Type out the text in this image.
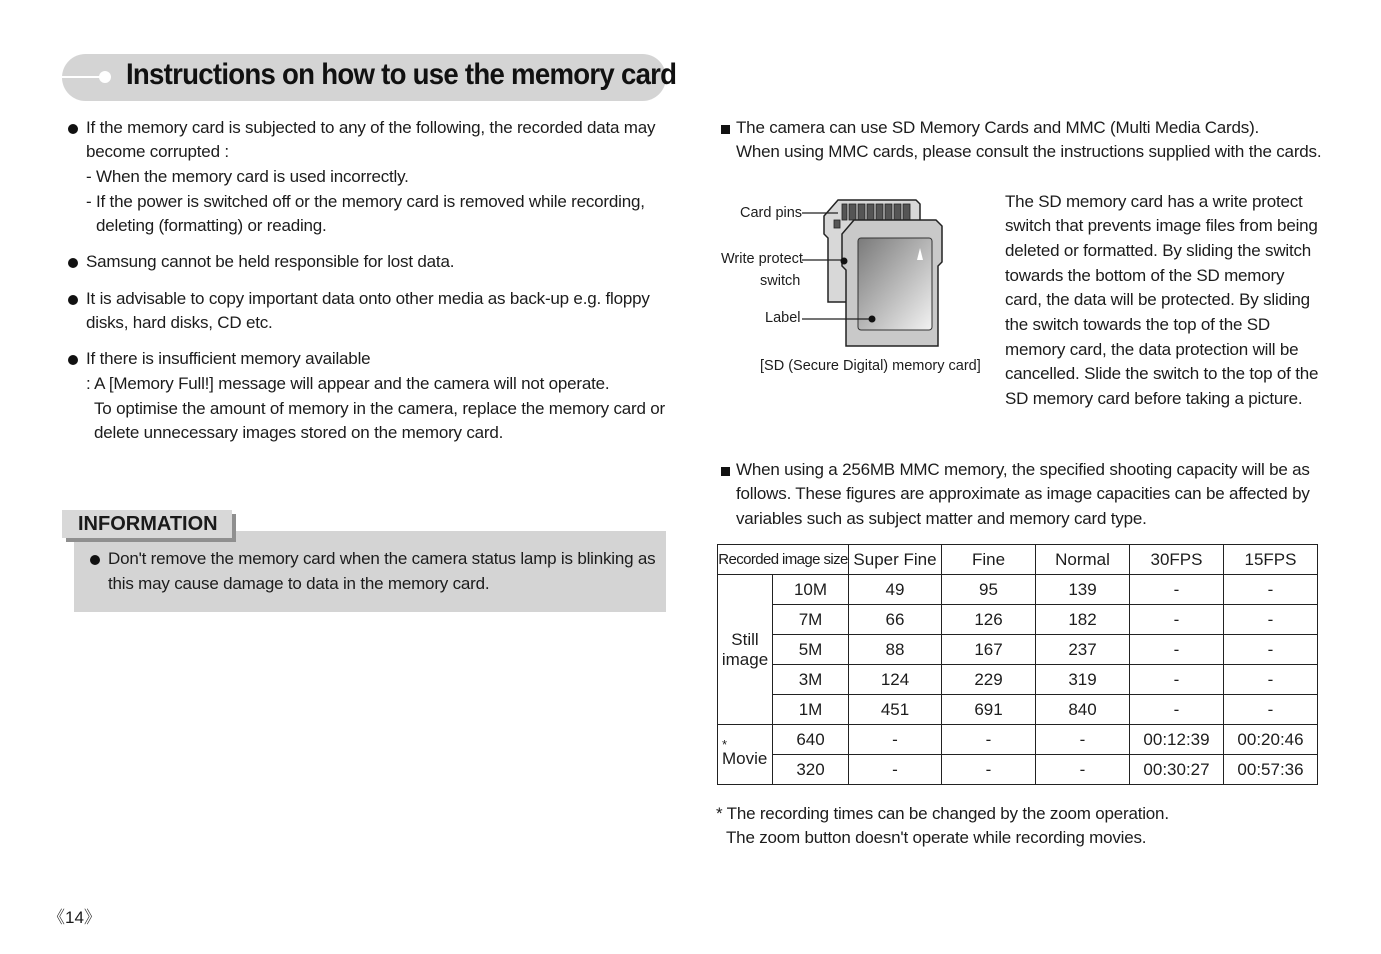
Instructions on how to use the memory card
If the memory card is subjected to any of the following, the recorded data may
become corrupted :
- When the memory card is used incorrectly.
- If the power is switched off or the memory card is removed while recording,
deleting (formatting) or reading.
Samsung cannot be held responsible for lost data.
It is advisable to copy important data onto other media as back-up e.g. floppy
disks, hard disks, CD etc.
If there is insufficient memory available
: A [Memory Full!] message will appear and the camera will not operate.
To optimise the amount of memory in the camera, replace the memory card or
delete unnecessary images stored on the memory card.
INFORMATION
Don't remove the memory card when the camera status lamp is blinking as
this may cause damage to data in the memory card.
The camera can use SD Memory Cards and MMC (Multi Media Cards).
When using MMC cards, please consult the instructions supplied with the cards.
Card pins
Write protect
switch
Label
[SD (Secure Digital) memory card]
The SD memory card has a write protect
switch that prevents image files from being
deleted or formatted. By sliding the switch
towards the bottom of the SD memory
card, the data will be protected. By sliding
the switch towards the top of the SD
memory card, the data protection will be
cancelled. Slide the switch to the top of the
SD memory card before taking a picture.
When using a 256MB MMC memory, the specified shooting capacity will be as
follows. These figures are approximate as image capacities can be affected by
variables such as subject matter and memory card type.
Recorded image size		Super Fine	Fine	Normal	30FPS	15FPS
Still
image	10M	49	95	139	-	-
	7M	66	126	182	-	-
	5M	88	167	237	-	-
	3M	124	229	319	-	-
	1M	451	691	840	-	-

*
Movie	640	-	-	-	00:12:39	00:20:46
	320	-	-	-	00:30:27	00:57:36
* The recording times can be changed by the zoom operation.
The zoom button doesn't operate while recording movies.
《14》
